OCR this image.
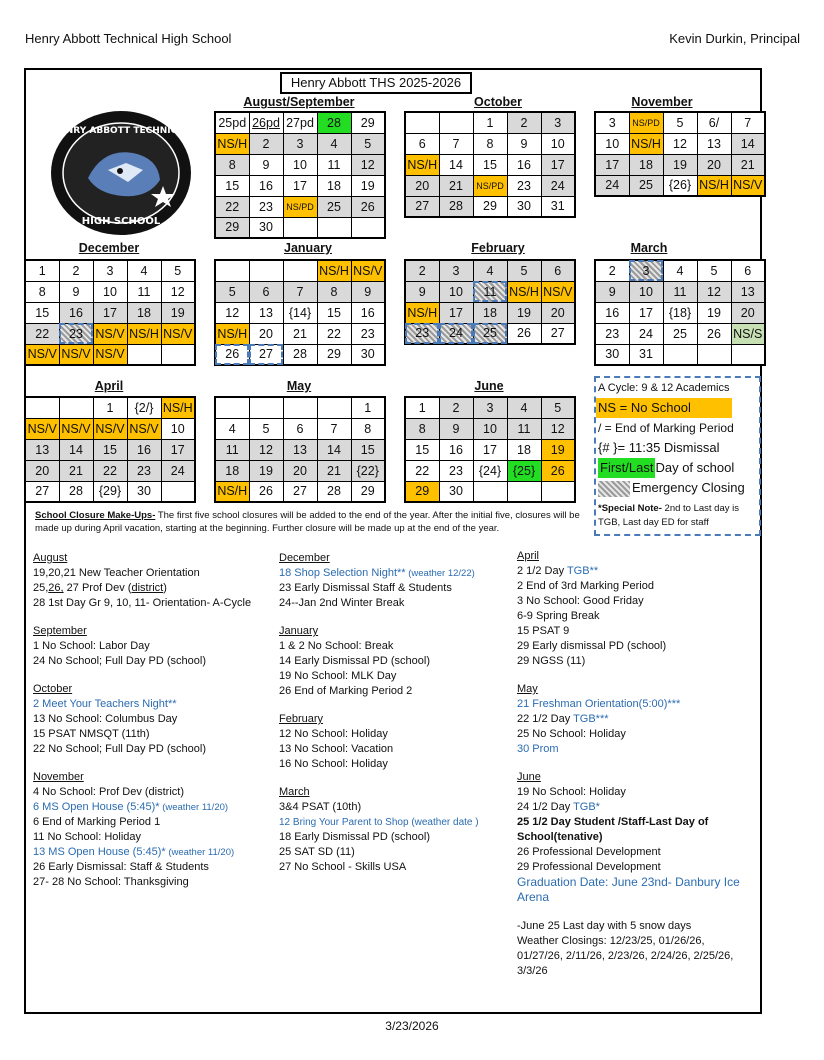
Henry Abbott Technical High School	Kevin Durkin, Principal
Henry Abbott THS 2025-2026
HENRY ABBOTT TECHNICAL
HIGH SCHOOL
August/September	October	November
December	January	February	March
April	May	June
25pd	26pd	27pd	28	29
NS/H	2	3	4	5
8	9	10	11	12
15	16	17	18	19
22	23	NS/PD	25	26
29	30			
		1	2	3
6	7	8	9	10
NS/H	14	15	16	17
20	21	NS/PD	23	24
27	28	29	30	31
3	NS/PD	5	6/	7
10	NS/H	12	13	14
17	18	19	20	21
24	25	{26}	NS/H	NS/V
1	2	3	4	5
8	9	10	11	12
15	16	17	18	19
22	23	NS/V	NS/H	NS/V
NS/V	NS/V	NS/V		
			NS/H	NS/V
5	6	7	8	9
12	13	{14}	15	16
NS/H	20	21	22	23
26	27	28	29	30
2	3	4	5	6
9	10	11	NS/H	NS/V
NS/H	17	18	19	20
23	24	25	26	27
2	3	4	5	6
9	10	11	12	13
16	17	{18}	19	20
23	24	25	26	NS/S
30	31			
		1	{2/}	NS/H
NS/V	NS/V	NS/V	NS/V	10
13	14	15	16	17
20	21	22	23	24
27	28	{29}	30	
				1
4	5	6	7	8
11	12	13	14	15
18	19	20	21	{22}
NS/H	26	27	28	29
1	2	3	4	5
8	9	10	11	12
15	16	17	18	19
22	23	{24}	{25}	26
29	30			
A Cycle: 9 & 12 Academics
NS = No School
/ = End of Marking Period
{# }= 11:35 Dismissal
First/LastDay of school
Emergency Closing
*Special Note- 2nd to Last day is TGB, Last day ED for staff
School Closure Make-Ups- The first five school closures will be added to the end of the year. After the initial five, closures will be made up during April vacation, starting at the beginning. Further closure will be made up at the end of the year.
August
19,20,21 New Teacher Orientation
25,26, 27 Prof Dev (district)
28 1st Day Gr 9, 10, 11- Orientation- A-Cycle
September
1 No School: Labor Day
24 No School; Full Day PD (school)
October
2 Meet Your Teachers Night**
13 No School: Columbus Day
15 PSAT NMSQT (11th)
22 No School; Full Day PD (school)
November
4 No School: Prof Dev (district)
6 MS Open House (5:45)* (weather 11/20)
6 End of Marking Period 1
11 No School: Holiday
13 MS Open House (5:45)* (weather 11/20)
26 Early Dismissal: Staff & Students
27- 28 No School: Thanksgiving
December
18 Shop Selection Night** (weather 12/22)
23 Early Dismissal Staff & Students
24--Jan 2nd Winter Break
January
1 & 2 No School: Break
14 Early Dismissal PD (school)
19 No School: MLK Day
26 End of Marking Period 2
February
12 No School: Holiday
13 No School: Vacation
16 No School: Holiday
March
3&4 PSAT (10th)
12 Bring Your Parent to Shop (weather date )
18 Early Dismissal PD (school)
25 SAT SD (11)
27 No School - Skills USA
April
2 1/2 Day TGB**
2 End of 3rd Marking Period
3 No School: Good Friday
6-9 Spring Break
15 PSAT 9
29 Early dismissal PD (school)
29 NGSS (11)
May
21 Freshman Orientation(5:00)***
22 1/2 Day TGB***
25 No School: Holiday
30 Prom
June
19 No School: Holiday
24 1/2 Day TGB*
25 1/2 Day Student /Staff-Last Day of School(tenative)
26 Professional Development
29 Professional Development
Graduation Date: June 23nd- Danbury Ice Arena
-June 25 Last day with 5 snow days
Weather Closings: 12/23/25, 01/26/26, 01/27/26, 2/11/26, 2/23/26, 2/24/26, 2/25/26, 3/3/26
3/23/2026
